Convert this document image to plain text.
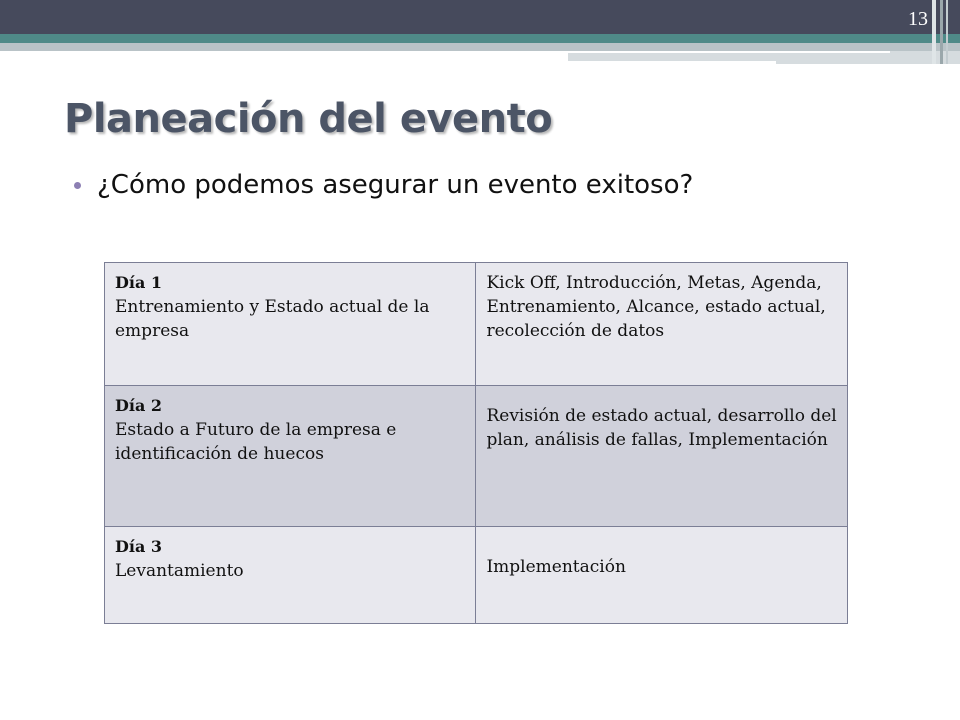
13
Planeación del evento
¿Cómo podemos asegurar un evento exitoso?
Día 1
Entrenamiento y Estado actual de la empresa	Kick Off, Introducción, Metas, Agenda, Entrenamiento, Alcance, estado actual, recolección de datos

Día 2
Estado a Futuro de la empresa e identificación de huecos	Revisión de estado actual, desarrollo del plan, análisis de fallas, Implementación

Día 3
Levantamiento	Implementación
